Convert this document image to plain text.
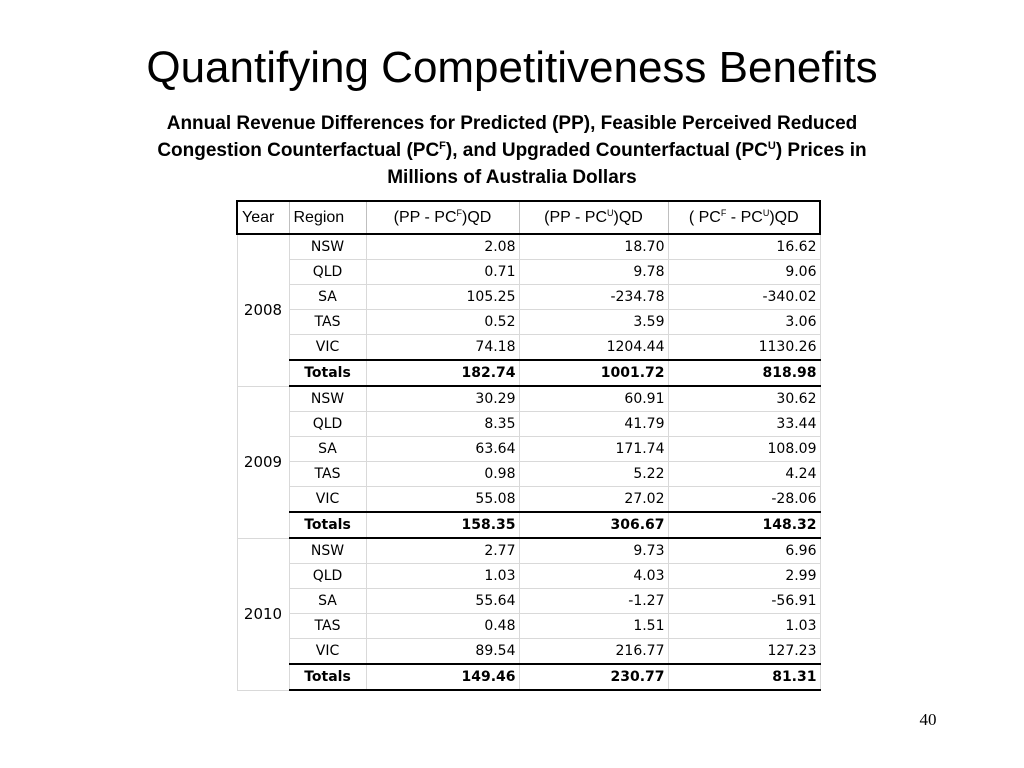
Quantifying Competitiveness Benefits
Annual Revenue Differences for Predicted (PP), Feasible Perceived Reduced
Congestion Counterfactual $(PC^F)$, and Upgraded Counterfactual $(PC^U)$ Prices in
Millions of Australia Dollars
Year	Region	$(PP - PC^F)QD$	$(PP - PC^U)QD$	( $PC^F - PC^U)QD$
2008	NSW	2.08	18.70	16.62
	QLD	0.71	9.78	9.06
	SA	105.25	-234.78	-340.02
	TAS	0.52	3.59	3.06
	VIC	74.18	1204.44	1130.26
	Totals	182.74	1001.72	818.98
2009	NSW	30.29	60.91	30.62
	QLD	8.35	41.79	33.44
	SA	63.64	171.74	108.09
	TAS	0.98	5.22	4.24
	VIC	55.08	27.02	-28.06
	Totals	158.35	306.67	148.32
2010	NSW	2.77	9.73	6.96
	QLD	1.03	4.03	2.99
	SA	55.64	-1.27	-56.91
	TAS	0.48	1.51	1.03
	VIC	89.54	216.77	127.23
	Totals	149.46	230.77	81.31
40
